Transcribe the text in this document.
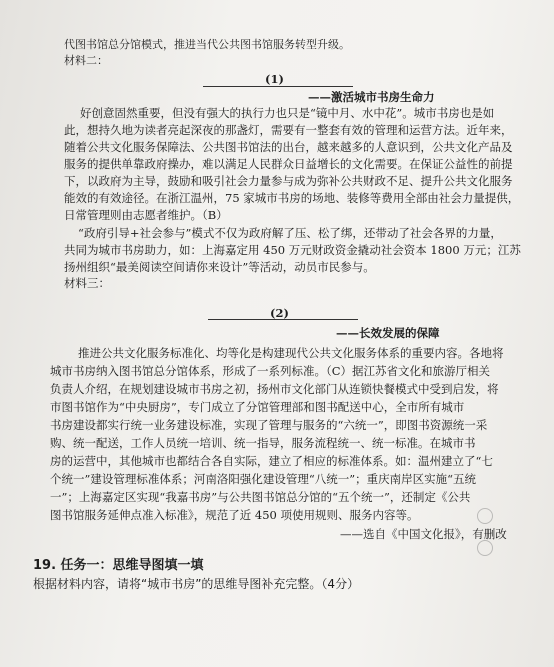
代图书馆总分馆模式，推进当代公共图书馆服务转型升级。
材料二：
(1)
——激活城市书房生命力
好创意固然重要，但没有强大的执行力也只是“镜中月、水中花”。城市书房也是如
此，想持久地为读者亮起深夜的那盏灯，需要有一整套有效的管理和运营方法。近年来，
随着公共文化服务保障法、公共图书馆法的出台，越来越多的人意识到，公共文化产品及
服务的提供单靠政府操办，难以满足人民群众日益增长的文化需要。在保证公益性的前提
下，以政府为主导，鼓励和吸引社会力量参与成为弥补公共财政不足、提升公共文化服务
能效的有效途径。在浙江温州，75 家城市书房的场地、装修等费用全部由社会力量提供，
日常管理则由志愿者维护。（B）
“政府引导+社会参与”模式不仅为政府解了压、松了绑，还带动了社会各界的力量，
共同为城市书房助力，如：上海嘉定用 450 万元财政资金撬动社会资本 1800 万元；江苏
扬州组织“最美阅读空间请你来设计”等活动，动员市民参与。
材料三：
(2)
——长效发展的保障
推进公共文化服务标准化、均等化是构建现代公共文化服务体系的重要内容。各地将
城市书房纳入图书馆总分馆体系，形成了一系列标准。（C）据江苏省文化和旅游厅相关
负责人介绍，在规划建设城市书房之初，扬州市文化部门从连锁快餐模式中受到启发，将
市图书馆作为“中央厨房”，专门成立了分馆管理部和图书配送中心，全市所有城市
书房建设都实行统一业务建设标准，实现了管理与服务的“六统一”，即图书资源统一采
购、统一配送，工作人员统一培训、统一指导，服务流程统一、统一标准。在城市书
房的运营中，其他城市也都结合各自实际，建立了相应的标准体系。如：温州建立了“七
个统一”建设管理标准体系；河南洛阳强化建设管理“八统一”；重庆南岸区实施“五统
一”；上海嘉定区实现“我嘉书房”与公共图书馆总分馆的“五个统一”，还制定《公共
图书馆服务延伸点准入标准》，规范了近 450 项使用规则、服务内容等。
——选自《中国文化报》，有删改
19. 任务一：思维导图填一填
根据材料内容，请将“城市书房”的思维导图补充完整。（4分）
